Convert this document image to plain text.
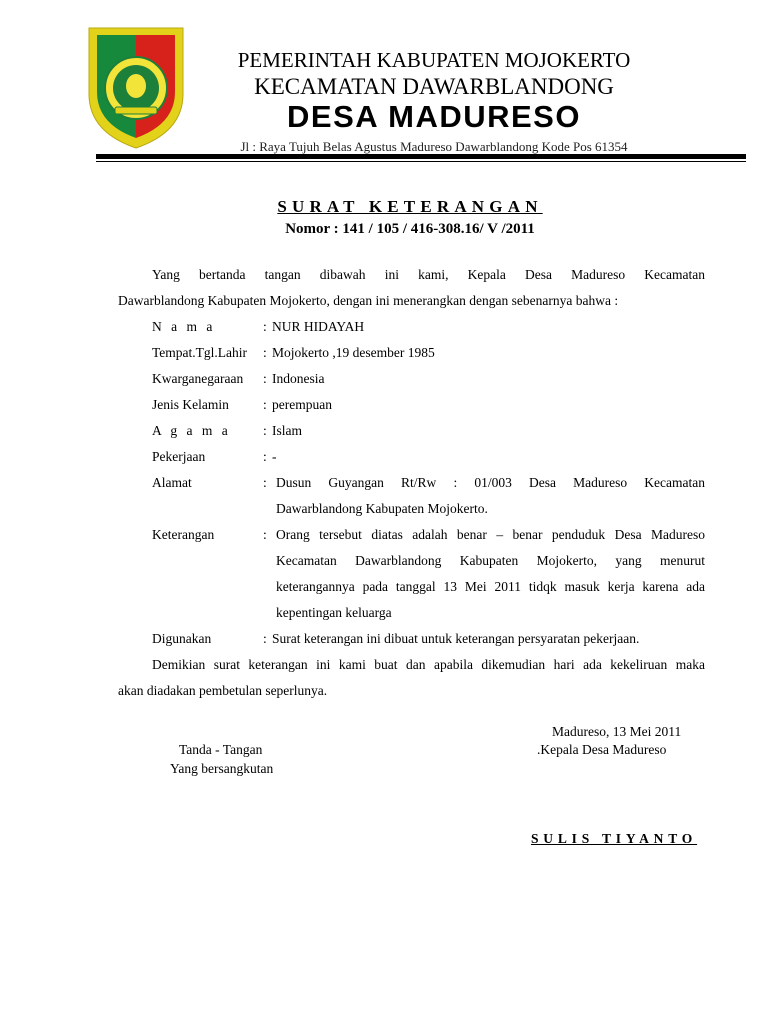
PEMERINTAH KABUPATEN MOJOKERTO
KECAMATAN DAWARBLANDONG
DESA MADURESO
Jl : Raya Tujuh Belas Agustus Madureso Dawarblandong Kode Pos 61354
SURAT KETERANGAN
Nomor : 141 / 105 / 416-308.16/ V /2011
Yang bertanda tangan dibawah ini kami, Kepala Desa Madureso Kecamatan
Dawarblandong Kabupaten Mojokerto, dengan ini menerangkan dengan sebenarnya bahwa :
N a m a	: NUR HIDAYAH
Tempat.Tgl.Lahir : Mojokerto ,19 desember 1985
Kwarganegaraan : Indonesia
Jenis Kelamin	: perempuan
A g a m a : Islam
Pekerjaan	: -
Alamat	: Dusun Guyangan Rt/Rw : 01/003 Desa Madureso Kecamatan
Dawarblandong Kabupaten Mojokerto.
Keterangan	: Orang tersebut diatas adalah benar – benar penduduk Desa Madureso
Kecamatan Dawarblandong Kabupaten Mojokerto, yang menurut
keterangannya pada tanggal 13 Mei 2011 tidqk masuk kerja karena ada
kepentingan keluarga
Digunakan	: Surat keterangan ini dibuat untuk keterangan persyaratan pekerjaan.
Demikian surat keterangan ini kami buat dan apabila dikemudian hari ada kekeliruan maka
akan diadakan pembetulan seperlunya.
Madureso, 13 Mei 2011
Tanda - Tangan	.Kepala Desa Madureso
Yang bersangkutan
SULIS TIYANTO
